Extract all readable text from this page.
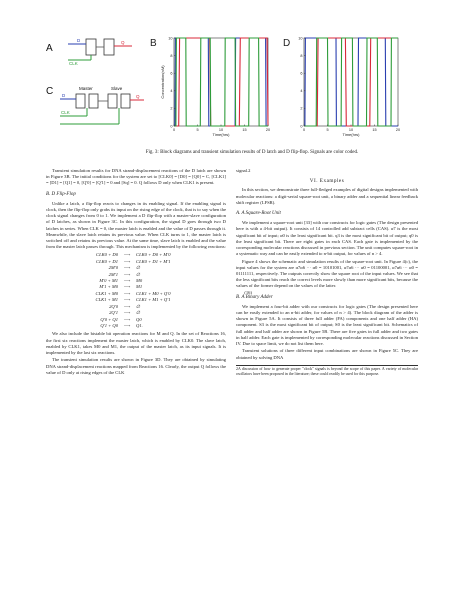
A
D	Q
CLK
C	Master	Slave
D	Q
CLK
B
0	5	10	15	20
0
2
4
6
8
10
Time(hrs)
Concentration(nM)
D
0	5	10	15	20
0
2
4
6
8
10
Time(hrs)
Fig. 3: Block diagrams and transient simulation results of D latch and D flip-flop. Signals are color coded.

Transient simulation results for DNA strand-displacement reactions of the D latch are shown in Figure 3B. The initial conditions for the system are set to [CLK0] = [D0] = [Q0] = C, [CLK1] = [D1] = [Q1] = 0, [Q'0] = [Q'1] = 0 and [Sq] = 0. Q follows D only when CLK1 is present.

B. D Flip-Flop

Unlike a latch, a flip-flop reacts to changes in its enabling signal. If the enabling signal is clock, then the flip-flop only grabs its input on the rising edge of the clock, that is to say when the clock signal changes from 0 to 1. We implement a D flip-flop with a master-slave configuration of D latches, as shown in Figure 3C. In this configuration, the signal D goes through two D latches in series. When CLK = 0, the master latch is enabled and the value of D passes through it. Meanwhile, the slave latch retains its previous value. When CLK turns to 1, the master latch is switched off and retains its previous value. At the same time, slave latch is enabled and the value from the master latch passes through. This mechanism is implemented by the following reactions:

CLK0 + D0	⟶	CLK0 + D0 + M'0
CLK0 + D1	⟶	CLK0 + D1 + M'1
2M'0	⟶	∅
2M'1	⟶	∅
M'0 + M1	⟶	M0
M'1 + M0	⟶	M1
CLK1 + M0	⟶	CLK1 + M0 + Q'0
CLK1 + M1	⟶	CLK1 + M1 + Q'1
2Q'0	⟶	∅
2Q'1	⟶	∅
Q'0 + Q1	⟶	Q0
Q'1 + Q0	⟶	Q1.
(16)

We also include the bistable bit operation reactions for M and Q. In the set of Reactions 16, the first six reactions implement the master latch, which is enabled by CLK0. The slave latch, enabled by CLK1, takes M0 and M1, the output of the master latch, as its input signals. It is implemented by the last six reactions.

The transient simulation results are shown in Figure 3D. They are obtained by simulating DNA strand-displacement reactions mapped from Reactions 16. Clearly, the output Q follows the value of D only at rising edges of the CLK

signal.2
VI. Examples

In this section, we demonstrate three full-fledged examples of digital designs implemented with molecular reactions: a digit-serial square-root unit, a binary adder and a sequential linear feedback shift register (LFSR).

A. A Square-Root Unit

We implement a square-root unit [33] with our constructs for logic gates (The design presented here is with a 4-bit output). It consists of 14 controlled add subtract cells (CAS). α7 is the most significant bit of input; α0 is the least significant bit. q3 is the most significant bit of output; q0 is the least significant bit. There are eight gates in each CAS. Each gate is implemented by the corresponding molecular reactions discussed in previous section. The unit computes square-root in a systematic way and can be easily extended to n-bit output, for values of n > 4.

Figure 4 shows the schematic and simulation results of the square-root unit. In Figure 4(c), the input values for the system are α7α6 ··· α0 = 10101001, α7α6 ··· α0 = 01100001, α7α6 ··· α0 = 01111111, respectively. The outputs correctly show the square root of the input values. We see that the less significant bits reach the correct levels more slowly than more significant bits, because the values of the former depend on the values of the latter.

B. A Binary Adder

We implement a four-bit adder with our constructs for logic gates (The design presented here can be easily extended to an n-bit adder, for values of n > 4). The block diagram of the adder is shown in Figure 5A. It consists of three full adder (FA) components and one half adder (HA) component. S3 is the most significant bit of output; S0 is the least significant bit. Schematics of full adder and half adder are shown in Figure 5B. There are five gates in full adder and two gates in half adder. Each gate is implemented by corresponding molecular reactions discussed in Section IV. Due to space limit, we do not list them here.

Transient solutions of three different input combinations are shown in Figure 5C. They are obtained by solving DNA

2A discussion of how to generate proper "clock" signals is beyond the scope of this paper. A variety of molecular oscillators have been proposed in the literature; these could readily be used for this purpose.
